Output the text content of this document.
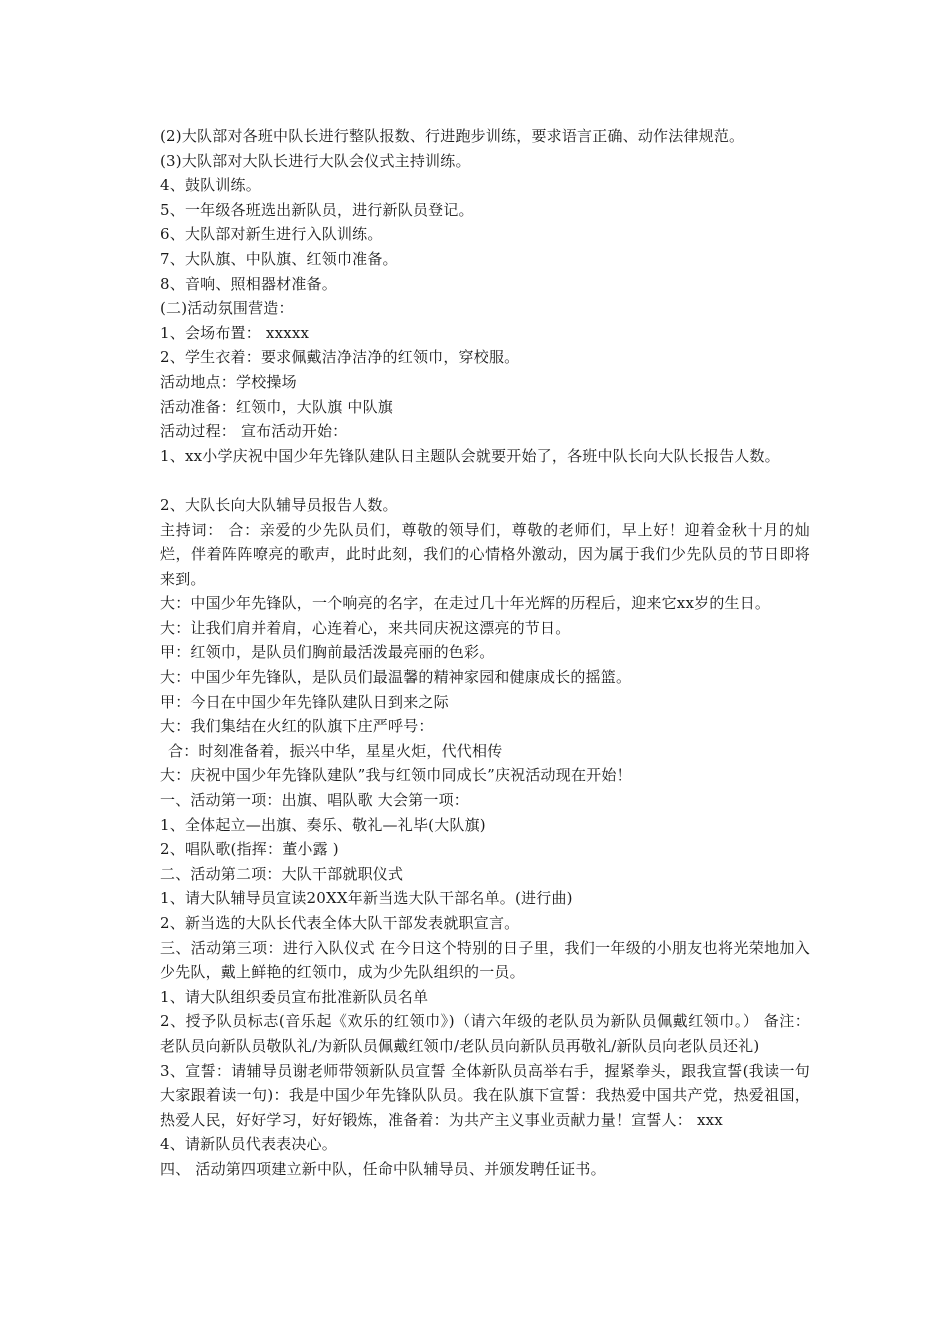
(2)大队部对各班中队长进行整队报数、行进跑步训练，要求语言正确、动作法律规范。
(3)大队部对大队长进行大队会仪式主持训练。
4、鼓队训练。
5、一年级各班选出新队员，进行新队员登记。
6、大队部对新生进行入队训练。
7、大队旗、中队旗、红领巾准备。
8、音响、照相器材准备。
(二)活动氛围营造：
1、会场布置： xxxxx
2、学生衣着：要求佩戴洁净洁净的红领巾，穿校服。
活动地点：学校操场
活动准备：红领巾，大队旗 中队旗
活动过程： 宣布活动开始：
1、xx小学庆祝中国少年先锋队建队日主题队会就要开始了，各班中队长向大队长报告人数。
2、大队长向大队辅导员报告人数。
主持词： 合：亲爱的少先队员们，尊敬的领导们，尊敬的老师们，早上好！迎着金秋十月的灿烂，伴着阵阵嘹亮的歌声，此时此刻，我们的心情格外激动，因为属于我们少先队员的节日即将来到。
大：中国少年先锋队，一个响亮的名字，在走过几十年光辉的历程后，迎来它xx岁的生日。
大：让我们肩并着肩，心连着心，来共同庆祝这漂亮的节日。
甲：红领巾，是队员们胸前最活泼最亮丽的色彩。
大：中国少年先锋队，是队员们最温馨的精神家园和健康成长的摇篮。
甲：今日在中国少年先锋队建队日到来之际
大：我们集结在火红的队旗下庄严呼号：
合：时刻准备着，振兴中华，星星火炬，代代相传
大：庆祝中国少年先锋队建队”我与红领巾同成长”庆祝活动现在开始！
一、活动第一项：出旗、唱队歌 大会第一项：
1、全体起立—出旗、奏乐、敬礼—礼毕(大队旗)
2、唱队歌(指挥：董小露 )
二、活动第二项：大队干部就职仪式
1、请大队辅导员宣读20XX年新当选大队干部名单。(进行曲)
2、新当选的大队长代表全体大队干部发表就职宣言。
三、活动第三项：进行入队仪式 在今日这个特别的日子里，我们一年级的小朋友也将光荣地加入少先队，戴上鲜艳的红领巾，成为少先队组织的一员。
1、请大队组织委员宣布批准新队员名单
2、授予队员标志(音乐起《欢乐的红领巾》)（请六年级的老队员为新队员佩戴红领巾。） 备注：老队员向新队员敬队礼/为新队员佩戴红领巾/老队员向新队员再敬礼/新队员向老队员还礼)
3、宣誓：请辅导员谢老师带领新队员宣誓 全体新队员高举右手，握紧拳头，跟我宣誓(我读一句大家跟着读一句)：我是中国少年先锋队队员。我在队旗下宣誓：我热爱中国共产党，热爱祖国，热爱人民，好好学习，好好锻炼，准备着：为共产主义事业贡献力量！宣誓人： xxx
4、请新队员代表表决心。
四、 活动第四项建立新中队，任命中队辅导员、并颁发聘任证书。
